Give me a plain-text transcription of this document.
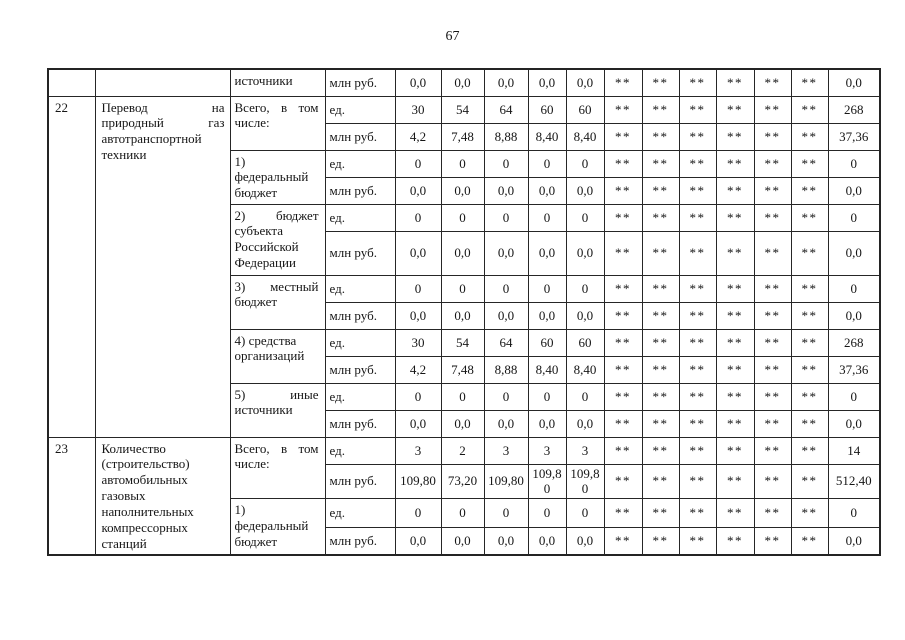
67
		источники	млн руб.	0,0	0,0	0,0	0,0	0,0	**	**	**	**	**	**	0,0
22	Перевод на природный газ автотранспортной техники	Всего, в том числе:	ед.	30	54	64	60	60	**	**	**	**	**	**	268
			млн руб.	4,2	7,48	8,88	8,40	8,40	**	**	**	**	**	**	37,36
		1) федеральный бюджет	ед.	0	0	0	0	0	**	**	**	**	**	**	0
			млн руб.	0,0	0,0	0,0	0,0	0,0	**	**	**	**	**	**	0,0
		2) бюджет субъекта Российской Федерации	ед.	0	0	0	0	0	**	**	**	**	**	**	0
			млн руб.	0,0	0,0	0,0	0,0	0,0	**	**	**	**	**	**	0,0
		3) местный бюджет	ед.	0	0	0	0	0	**	**	**	**	**	**	0
			млн руб.	0,0	0,0	0,0	0,0	0,0	**	**	**	**	**	**	0,0
		4) средства организаций	ед.	30	54	64	60	60	**	**	**	**	**	**	268
			млн руб.	4,2	7,48	8,88	8,40	8,40	**	**	**	**	**	**	37,36
		5) иные источники	ед.	0	0	0	0	0	**	**	**	**	**	**	0
			млн руб.	0,0	0,0	0,0	0,0	0,0	**	**	**	**	**	**	0,0
23	Количество (строительство) автомобильных газовых наполнительных компрессорных станций	Всего, в том числе:	ед.	3	2	3	3	3	**	**	**	**	**	**	14
			млн руб.	109,80	73,20	109,80	109,80	109,80	**	**	**	**	**	**	512,40
		1) федеральный бюджет	ед.	0	0	0	0	0	**	**	**	**	**	**	0
			млн руб.	0,0	0,0	0,0	0,0	0,0	**	**	**	**	**	**	0,0
